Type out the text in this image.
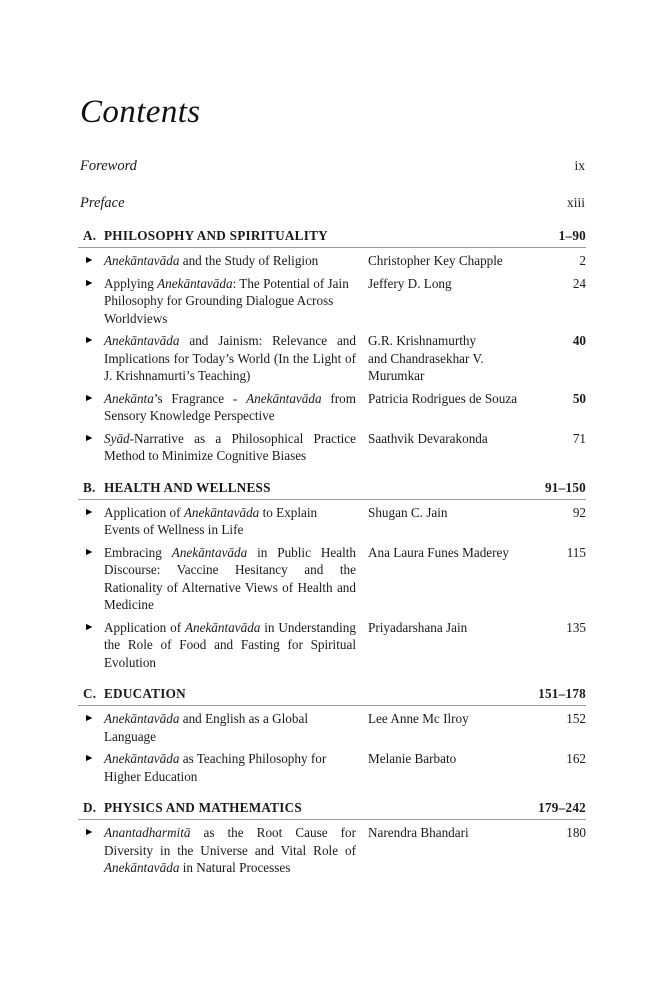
Contents
Foreword	ix
Preface	xiii
A. PHILOSOPHY AND SPIRITUALITY	1–90
► Anekāntavāda and the Study of Religion	Christopher Key Chapple	2
► Applying Anekāntavāda: The Potential of Jain Philosophy for Grounding Dialogue Across Worldviews
Jeffery D. Long	24
► Anekāntavāda and Jainism: Relevance and Implications for Today’s World (In the Light of J. Krishnamurti’s Teaching)
G.R. Krishnamurthy
and Chandrasekhar V.
Murumkar
40
► Anekānta’s Fragrance - Anekāntavāda from Sensory Knowledge Perspective
Patricia Rodrigues de Souza	50
► Syād-Narrative as a Philosophical Practice Method to Minimize Cognitive Biases
Saathvik Devarakonda	71
B. HEALTH AND WELLNESS	91–150
► Application of Anekāntavāda to Explain Events of Wellness in Life
Shugan C. Jain	92
► Embracing Anekāntavāda in Public Health Discourse: Vaccine Hesitancy and the Rationality of Alternative Views of Health and Medicine
Ana Laura Funes Maderey	115
► Application of Anekāntavāda in Understanding the Role of Food and Fasting for Spiritual Evolution
Priyadarshana Jain	135
C. EDUCATION	151–178
► Anekāntavāda and English as a Global Language
Lee Anne Mc Ilroy	152
► Anekāntavāda as Teaching Philosophy for Higher Education
Melanie Barbato	162
D. PHYSICS AND MATHEMATICS	179–242
► Anantadharmitā as the Root Cause for Diversity in the Universe and Vital Role of Anekāntavāda in Natural Processes
Narendra Bhandari	180
